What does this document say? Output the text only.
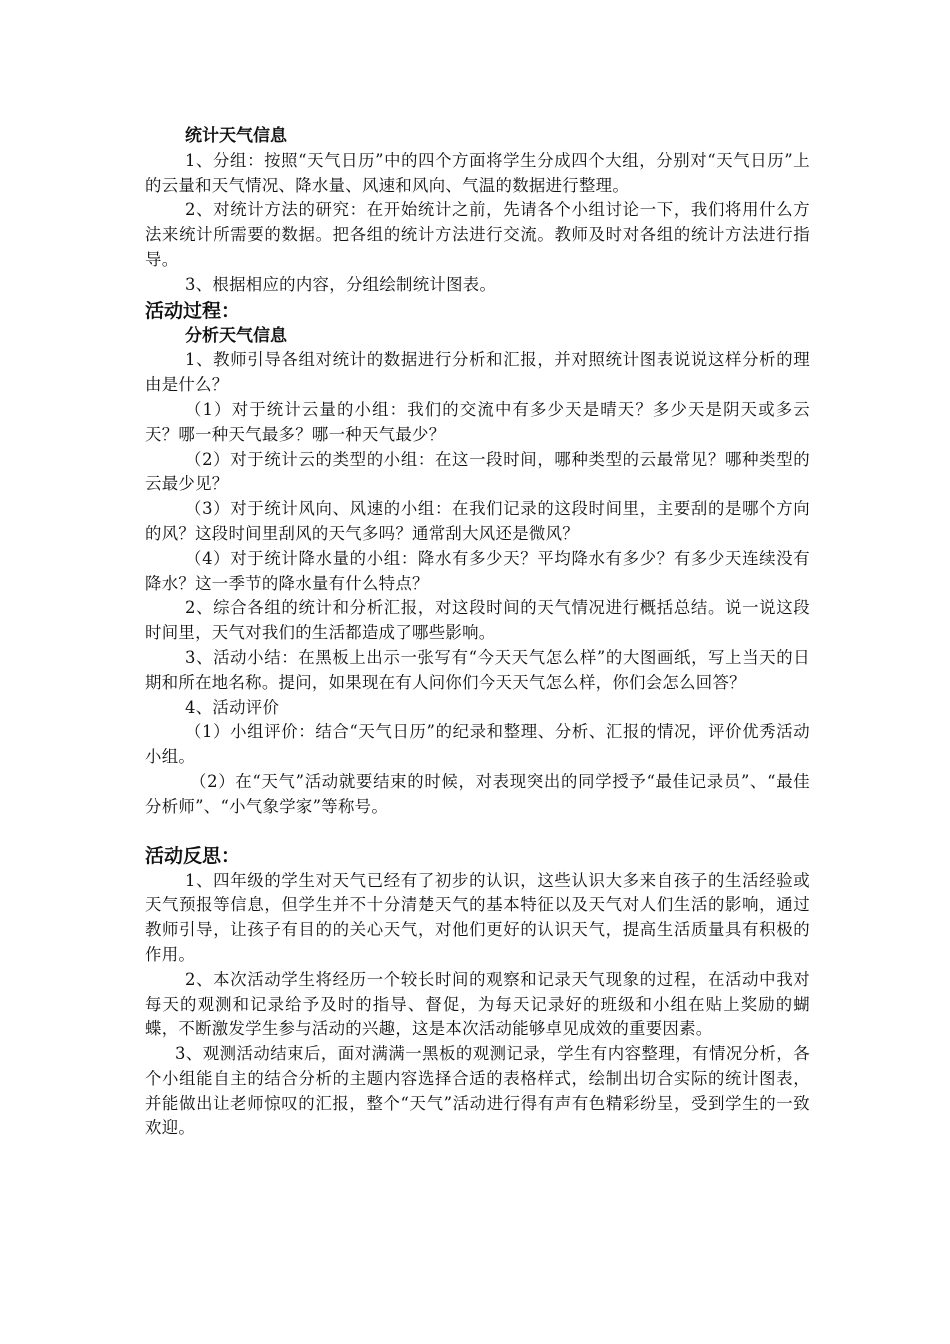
统计天气信息

1、分组：按照“天气日历”中的四个方面将学生分成四个大组，分别对“天气日历”上的云量和天气情况、降水量、风速和风向、气温的数据进行整理。

2、对统计方法的研究：在开始统计之前，先请各个小组讨论一下，我们将用什么方法来统计所需要的数据。把各组的统计方法进行交流。教师及时对各组的统计方法进行指导。

3、根据相应的内容，分组绘制统计图表。

活动过程：

分析天气信息

1、教师引导各组对统计的数据进行分析和汇报，并对照统计图表说说这样分析的理由是什么？

（1）对于统计云量的小组：我们的交流中有多少天是晴天？多少天是阴天或多云天？哪一种天气最多？哪一种天气最少？

（2）对于统计云的类型的小组：在这一段时间，哪种类型的云最常见？哪种类型的云最少见？

（3）对于统计风向、风速的小组：在我们记录的这段时间里，主要刮的是哪个方向的风？这段时间里刮风的天气多吗？通常刮大风还是微风？

（4）对于统计降水量的小组：降水有多少天？平均降水有多少？有多少天连续没有降水？这一季节的降水量有什么特点？

2、综合各组的统计和分析汇报，对这段时间的天气情况进行概括总结。说一说这段时间里，天气对我们的生活都造成了哪些影响。

3、活动小结：在黑板上出示一张写有“今天天气怎么样”的大图画纸，写上当天的日期和所在地名称。提问，如果现在有人问你们今天天气怎么样，你们会怎么回答？

4、活动评价

（1）小组评价：结合“天气日历”的纪录和整理、分析、汇报的情况，评价优秀活动小组。

（2）在“天气”活动就要结束的时候，对表现突出的同学授予“最佳记录员”、“最佳分析师”、“小气象学家”等称号。

活动反思：

1、四年级的学生对天气已经有了初步的认识，这些认识大多来自孩子的生活经验或天气预报等信息，但学生并不十分清楚天气的基本特征以及天气对人们生活的影响，通过教师引导，让孩子有目的的关心天气，对他们更好的认识天气，提高生活质量具有积极的作用。

2、本次活动学生将经历一个较长时间的观察和记录天气现象的过程，在活动中我对每天的观测和记录给予及时的指导、督促，为每天记录好的班级和小组在贴上奖励的蝴蝶，不断激发学生参与活动的兴趣，这是本次活动能够卓见成效的重要因素。

3、观测活动结束后，面对满满一黑板的观测记录，学生有内容整理，有情况分析，各个小组能自主的结合分析的主题内容选择合适的表格样式，绘制出切合实际的统计图表，并能做出让老师惊叹的汇报，整个“天气”活动进行得有声有色精彩纷呈，受到学生的一致欢迎。
